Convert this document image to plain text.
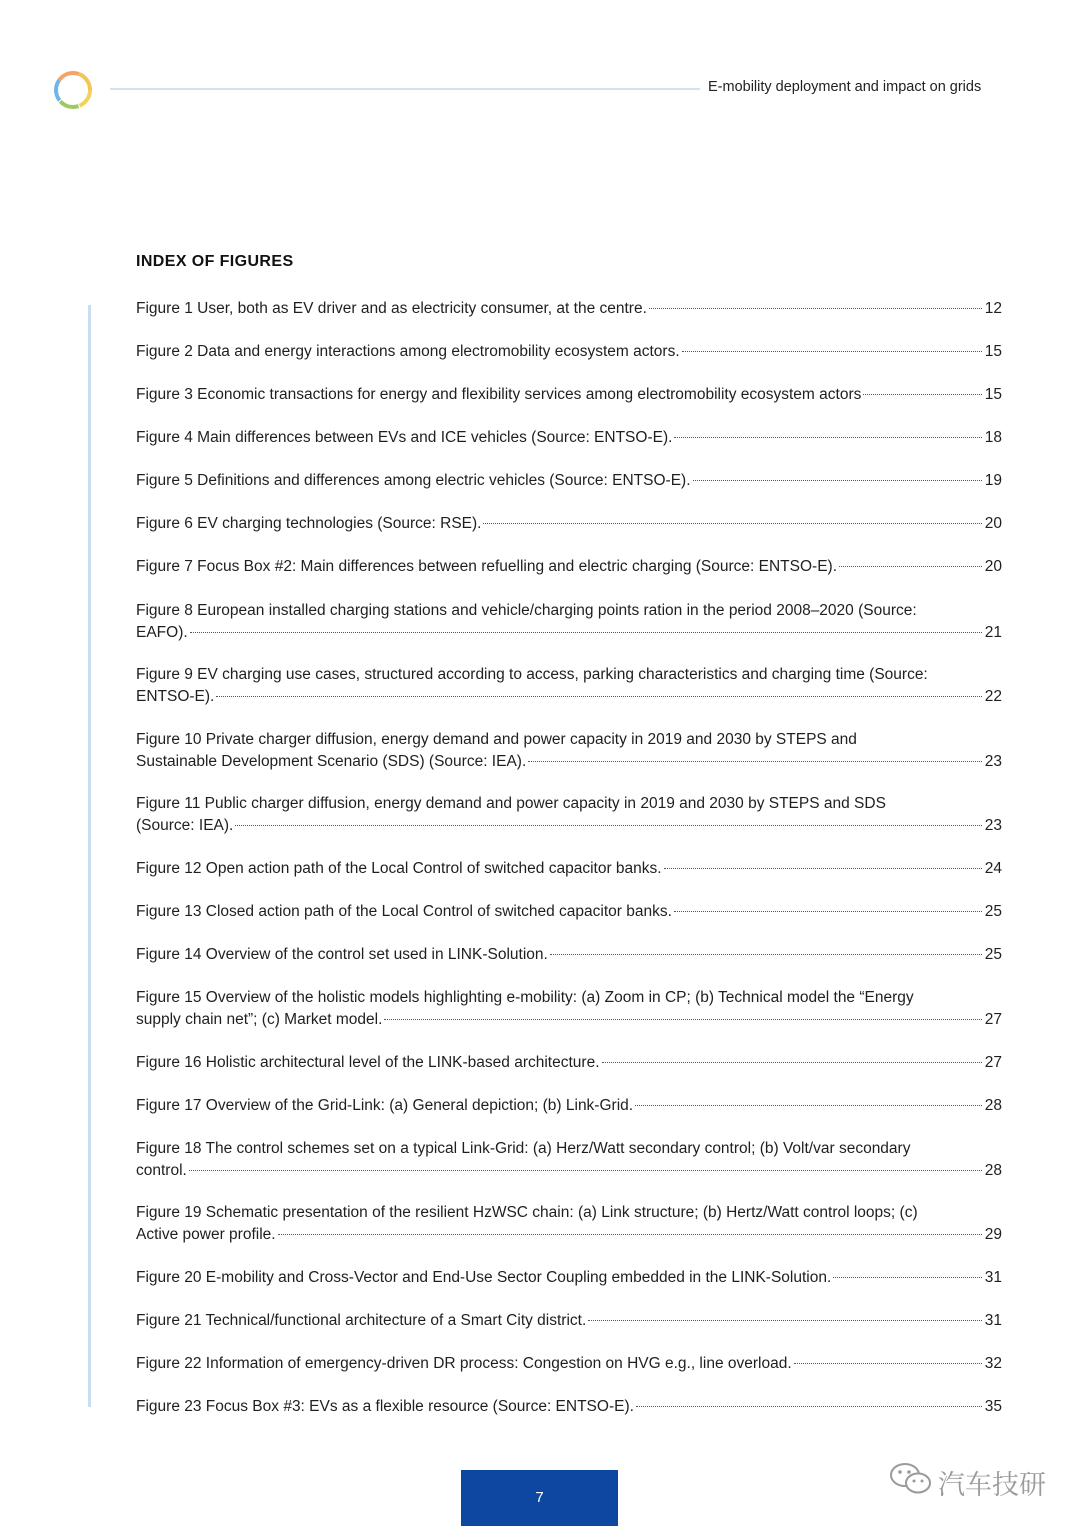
E-mobility deployment and impact on grids
INDEX OF FIGURES
Figure 1 User, both as EV driver and as electricity consumer, at the centre.	12
Figure 2 Data and energy interactions among electromobility ecosystem actors.	15
Figure 3 Economic transactions for energy and flexibility services among electromobility ecosystem actors	15
Figure 4 Main differences between EVs and ICE vehicles (Source: ENTSO-E).	18
Figure 5 Definitions and differences among electric vehicles (Source: ENTSO-E).	19
Figure 6 EV charging technologies (Source: RSE).	20
Figure 7 Focus Box #2: Main differences between refuelling and electric charging (Source: ENTSO-E).	20
Figure 8 European installed charging stations and vehicle/charging points ration in the period 2008–2020 (Source:
EAFO).	21
Figure 9 EV charging use cases, structured according to access, parking characteristics and charging time (Source:
ENTSO-E).	22
Figure 10 Private charger diffusion, energy demand and power capacity in 2019 and 2030 by STEPS and
Sustainable Development Scenario (SDS) (Source: IEA).	23
Figure 11 Public charger diffusion, energy demand and power capacity in 2019 and 2030 by STEPS and SDS
(Source: IEA).	23
Figure 12 Open action path of the Local Control of switched capacitor banks.	24
Figure 13 Closed action path of the Local Control of switched capacitor banks.	25
Figure 14 Overview of the control set used in LINK-Solution.	25
Figure 15 Overview of the holistic models highlighting e-mobility: (a) Zoom in CP; (b) Technical model the “Energy
supply chain net”; (c) Market model.	27
Figure 16 Holistic architectural level of the LINK-based architecture.	27
Figure 17 Overview of the Grid-Link: (a) General depiction; (b) Link-Grid.	28
Figure 18 The control schemes set on a typical Link-Grid: (a) Herz/Watt secondary control; (b) Volt/var secondary
control.	28
Figure 19 Schematic presentation of the resilient HzWSC chain: (a) Link structure; (b) Hertz/Watt control loops; (c)
Active power profile.	29
Figure 20 E-mobility and Cross-Vector and End-Use Sector Coupling embedded in the LINK-Solution.	31
Figure 21 Technical/functional architecture of a Smart City district.	31
Figure 22 Information of emergency-driven DR process: Congestion on HVG e.g., line overload.	32
Figure 23 Focus Box #3: EVs as a flexible resource (Source: ENTSO-E).	35
7	汽车技研
